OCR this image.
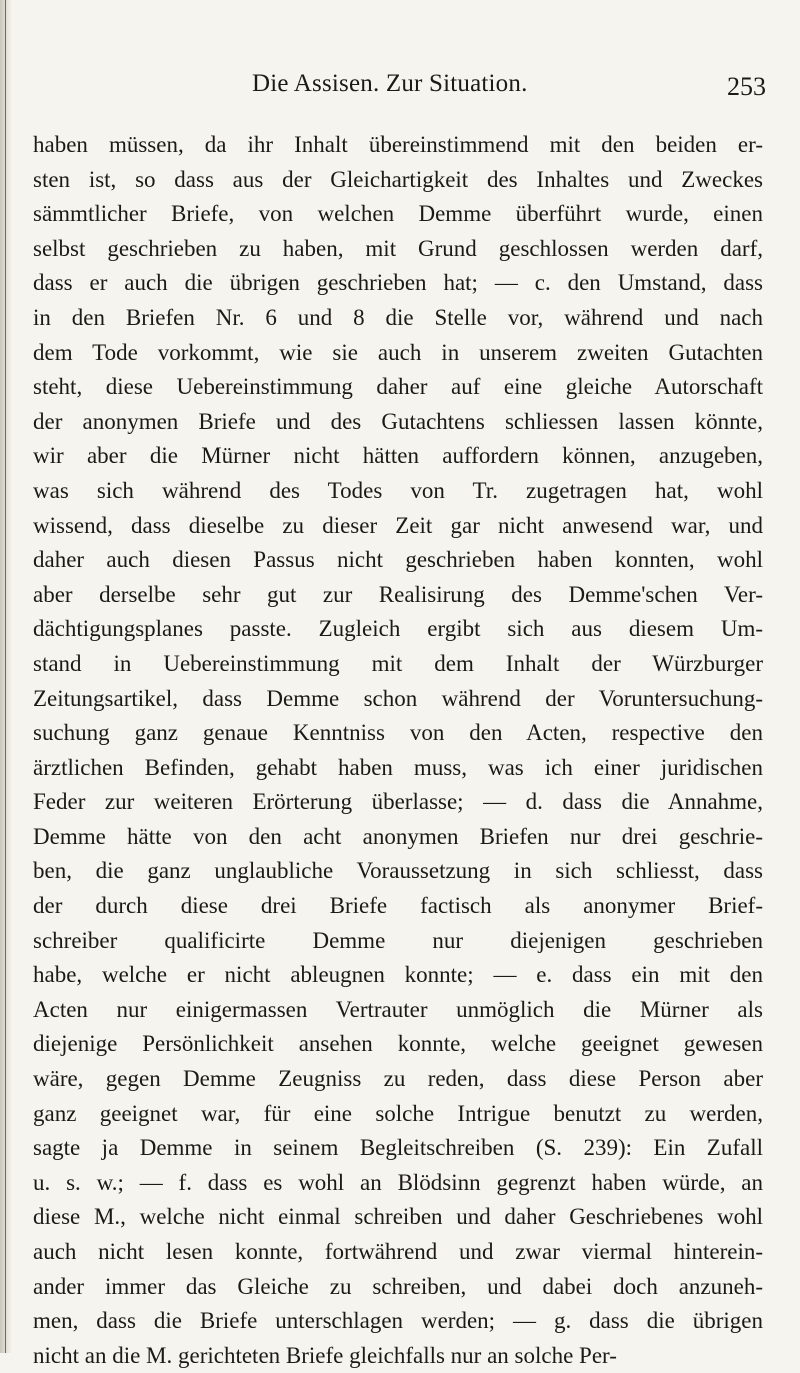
Die Assisen. Zur Situation.	253
haben müssen, da ihr Inhalt übereinstimmend mit den beiden er-
sten ist, so dass aus der Gleichartigkeit des Inhaltes und Zweckes
sämmtlicher Briefe, von welchen Demme überführt wurde, einen
selbst geschrieben zu haben, mit Grund geschlossen werden darf,
dass er auch die übrigen geschrieben hat; — c. den Umstand, dass
in den Briefen Nr. 6 und 8 die Stelle vor, während und nach
dem Tode vorkommt, wie sie auch in unserem zweiten Gutachten
steht, diese Uebereinstimmung daher auf eine gleiche Autorschaft
der anonymen Briefe und des Gutachtens schliessen lassen könnte,
wir aber die Mürner nicht hätten auffordern können, anzugeben,
was sich während des Todes von Tr. zugetragen hat, wohl
wissend, dass dieselbe zu dieser Zeit gar nicht anwesend war, und
daher auch diesen Passus nicht geschrieben haben konnten, wohl
aber derselbe sehr gut zur Realisirung des Demme'schen Ver-
dächtigungsplanes passte. Zugleich ergibt sich aus diesem Um-
stand in Uebereinstimmung mit dem Inhalt der Würzburger
Zeitungsartikel, dass Demme schon während der Voruntersuchung-
suchung ganz genaue Kenntniss von den Acten, respective den
ärztlichen Befinden, gehabt haben muss, was ich einer juridischen
Feder zur weiteren Erörterung überlasse; — d. dass die Annahme,
Demme hätte von den acht anonymen Briefen nur drei geschrie-
ben, die ganz unglaubliche Voraussetzung in sich schliesst, dass
der durch diese drei Briefe factisch als anonymer Brief-
schreiber qualificirte Demme nur diejenigen geschrieben
habe, welche er nicht ableugnen konnte; — e. dass ein mit den
Acten nur einigermassen Vertrauter unmöglich die Mürner als
diejenige Persönlichkeit ansehen konnte, welche geeignet gewesen
wäre, gegen Demme Zeugniss zu reden, dass diese Person aber
ganz geeignet war, für eine solche Intrigue benutzt zu werden,
sagte ja Demme in seinem Begleitschreiben (S. 239): Ein Zufall
u. s. w.; — f. dass es wohl an Blödsinn gegrenzt haben würde, an
diese M., welche nicht einmal schreiben und daher Geschriebenes wohl
auch nicht lesen konnte, fortwährend und zwar viermal hinterein-
ander immer das Gleiche zu schreiben, und dabei doch anzuneh-
men, dass die Briefe unterschlagen werden; — g. dass die übrigen
nicht an die M. gerichteten Briefe gleichfalls nur an solche Per-
